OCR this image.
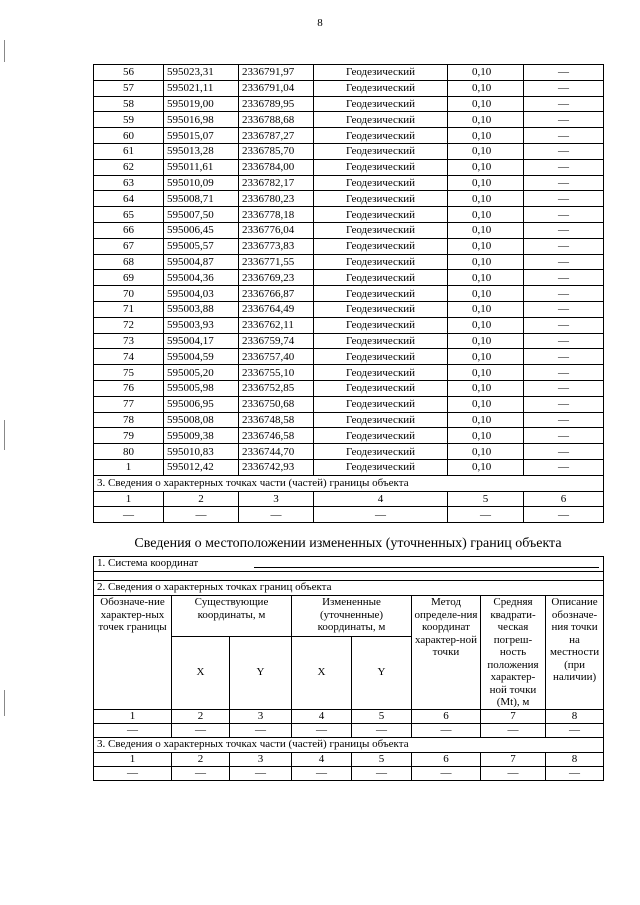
8
56	595023,31	2336791,97	Геодезический	0,10	—
57	595021,11	2336791,04	Геодезический	0,10	—
58	595019,00	2336789,95	Геодезический	0,10	—
59	595016,98	2336788,68	Геодезический	0,10	—
60	595015,07	2336787,27	Геодезический	0,10	—
61	595013,28	2336785,70	Геодезический	0,10	—
62	595011,61	2336784,00	Геодезический	0,10	—
63	595010,09	2336782,17	Геодезический	0,10	—
64	595008,71	2336780,23	Геодезический	0,10	—
65	595007,50	2336778,18	Геодезический	0,10	—
66	595006,45	2336776,04	Геодезический	0,10	—
67	595005,57	2336773,83	Геодезический	0,10	—
68	595004,87	2336771,55	Геодезический	0,10	—
69	595004,36	2336769,23	Геодезический	0,10	—
70	595004,03	2336766,87	Геодезический	0,10	—
71	595003,88	2336764,49	Геодезический	0,10	—
72	595003,93	2336762,11	Геодезический	0,10	—
73	595004,17	2336759,74	Геодезический	0,10	—
74	595004,59	2336757,40	Геодезический	0,10	—
75	595005,20	2336755,10	Геодезический	0,10	—
76	595005,98	2336752,85	Геодезический	0,10	—
77	595006,95	2336750,68	Геодезический	0,10	—
78	595008,08	2336748,58	Геодезический	0,10	—
79	595009,38	2336746,58	Геодезический	0,10	—
80	595010,83	2336744,70	Геодезический	0,10	—
1	595012,42	2336742,93	Геодезический	0,10	—
3. Сведения о характерных точках части (частей) границы объекта					
1	2	3	4	5	6
—	—	—	—	—	—
Сведения о местоположении измененных (уточненных) границ объекта
1. Система координат							

2. Сведения о характерных точках границ объекта							
Обозначе-ние характер-ных точек границы	Существующие координаты, м		Измененные (уточненные) координаты, м		Метод определе-ния координат характер-ной точки	Средняя квадрати-ческая погреш-ность положения характер-ной точки (Mt), м	Описание обозначе-ния точки на местности (при наличии)
	X	Y	X	Y			
1	2	3	4	5	6	7	8
—	—	—	—	—	—	—	—
3. Сведения о характерных точках части (частей) границы объекта							
1	2	3	4	5	6	7	8
—	—	—	—	—	—	—	—
